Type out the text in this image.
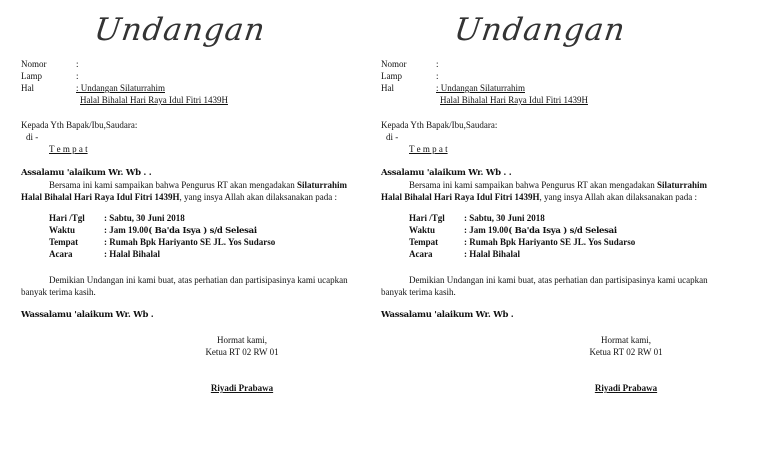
Undangan
Nomor	:
Lamp	:
Hal	: Undangan Silaturrahim
Halal Bihalal Hari Raya Idul Fitri 1439H
Kepada Yth Bapak/Ibu,Saudara:
di -
T e m p a t
Assalamu 'alaikum Wr. Wb . .
Bersama ini kami sampaikan bahwa Pengurus RT akan mengadakan Silaturrahim
Halal Bihalal Hari Raya Idul Fitri 1439H, yang insya Allah akan dilaksanakan pada :
Hari /Tgl : Sabtu, 30 Juni 2018
Waktu	: Jam 19.00( Ba'da Isya ) s/d Selesai
Tempat	: Rumah Bpk Hariyanto SE JL. Yos Sudarso
Acara	: Halal Bihalal
Demikian Undangan ini kami buat, atas perhatian dan partisipasinya kami ucapkan
banyak terima kasih.
Wassalamu 'alaikum Wr. Wb .
Hormat kami,
Ketua RT 02 RW 01
Riyadi Prabawa
Undangan
Nomor	:
Lamp	:
Hal	: Undangan Silaturrahim
Halal Bihalal Hari Raya Idul Fitri 1439H
Kepada Yth Bapak/Ibu,Saudara:
di -
T e m p a t
Assalamu 'alaikum Wr. Wb . .
Bersama ini kami sampaikan bahwa Pengurus RT akan mengadakan Silaturrahim
Halal Bihalal Hari Raya Idul Fitri 1439H, yang insya Allah akan dilaksanakan pada :
Hari /Tgl : Sabtu, 30 Juni 2018
Waktu	: Jam 19.00( Ba'da Isya ) s/d Selesai
Tempat	: Rumah Bpk Hariyanto SE JL. Yos Sudarso
Acara	: Halal Bihalal
Demikian Undangan ini kami buat, atas perhatian dan partisipasinya kami ucapkan
banyak terima kasih.
Wassalamu 'alaikum Wr. Wb .
Hormat kami,
Ketua RT 02 RW 01
Riyadi Prabawa
